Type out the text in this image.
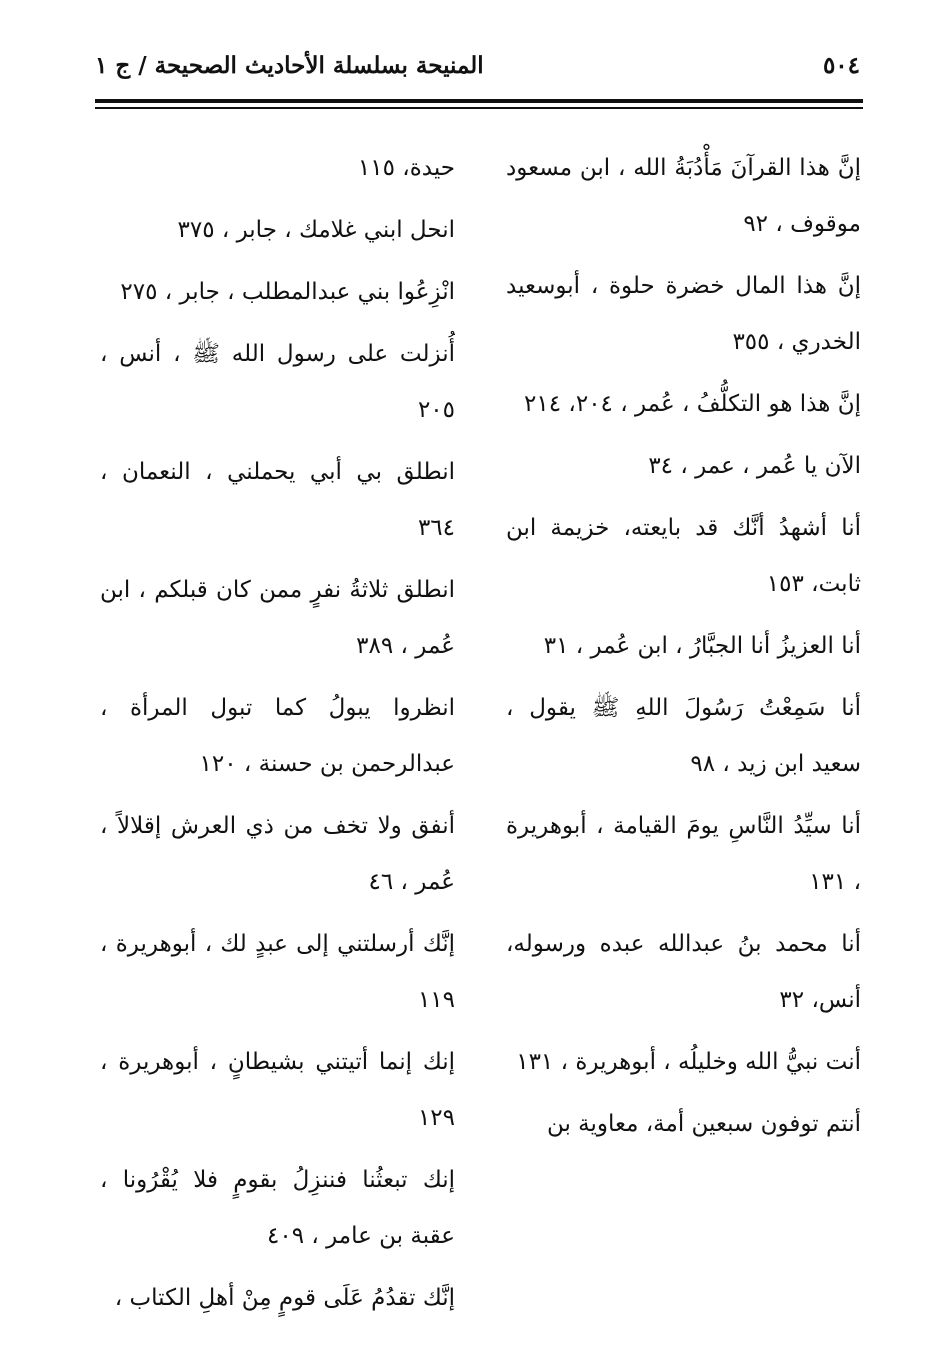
٥٠٤
المنيحة بسلسلة الأحاديث الصحيحة / ج ١

إنَّ هذا القرآنَ مَأْدُبَةُ الله ، ابن مسعود موقوف ، ٩٢

إنَّ هذا المال خضرة حلوة ، أبوسعيد الخدري ، ٣٥٥

إنَّ هذا هو التكلُّفُ ، عُمر ، ٢٠٤، ٢١٤

الآن يا عُمر ، عمر ، ٣٤

أنا أشهدُ أنَّك قد بايعته، خزيمة ابن ثابت، ١٥٣

أنا العزيزُ أنا الجبَّارُ ، ابن عُمر ، ٣١

أنا سَمِعْتُ رَسُولَ اللهِ ﷺ يقول ، سعيد ابن زيد ، ٩٨

أنا سيِّدُ النَّاسِ يومَ القيامة ، أبوهريرة ، ١٣١

أنا محمد بنُ عبدالله عبده ورسوله، أنس، ٣٢

أنت نبيُّ الله وخليلُه ، أبوهريرة ، ١٣١

أنتم توفون سبعين أمة، معاوية بن

حيدة، ١١٥

انحل ابني غلامك ، جابر ، ٣٧٥

انْزِعُوا بني عبدالمطلب ، جابر ، ٢٧٥

أُنزلت على رسول الله ﷺ ، أنس ، ٢٠٥

انطلق بي أبي يحملني ، النعمان ، ٣٦٤

انطلق ثلاثةُ نفرٍ ممن كان قبلكم ، ابن عُمر ، ٣٨٩

انظروا يبولُ كما تبول المرأة ، عبدالرحمن بن حسنة ، ١٢٠

أنفق ولا تخف من ذي العرش إقلالاً ، عُمر ، ٤٦

إنَّك أرسلتني إلى عبدٍ لك ، أبوهريرة ، ١١٩

إنك إنما أتيتني بشيطانٍ ، أبوهريرة ، ١٢٩

إنك تبعثُنا فننزِلُ بقومٍ فلا يُقْرُونا ، عقبة بن عامر ، ٤٠٩

إنَّك تقدُمُ عَلَى قومٍ مِنْ أهلِ الكتاب ،
